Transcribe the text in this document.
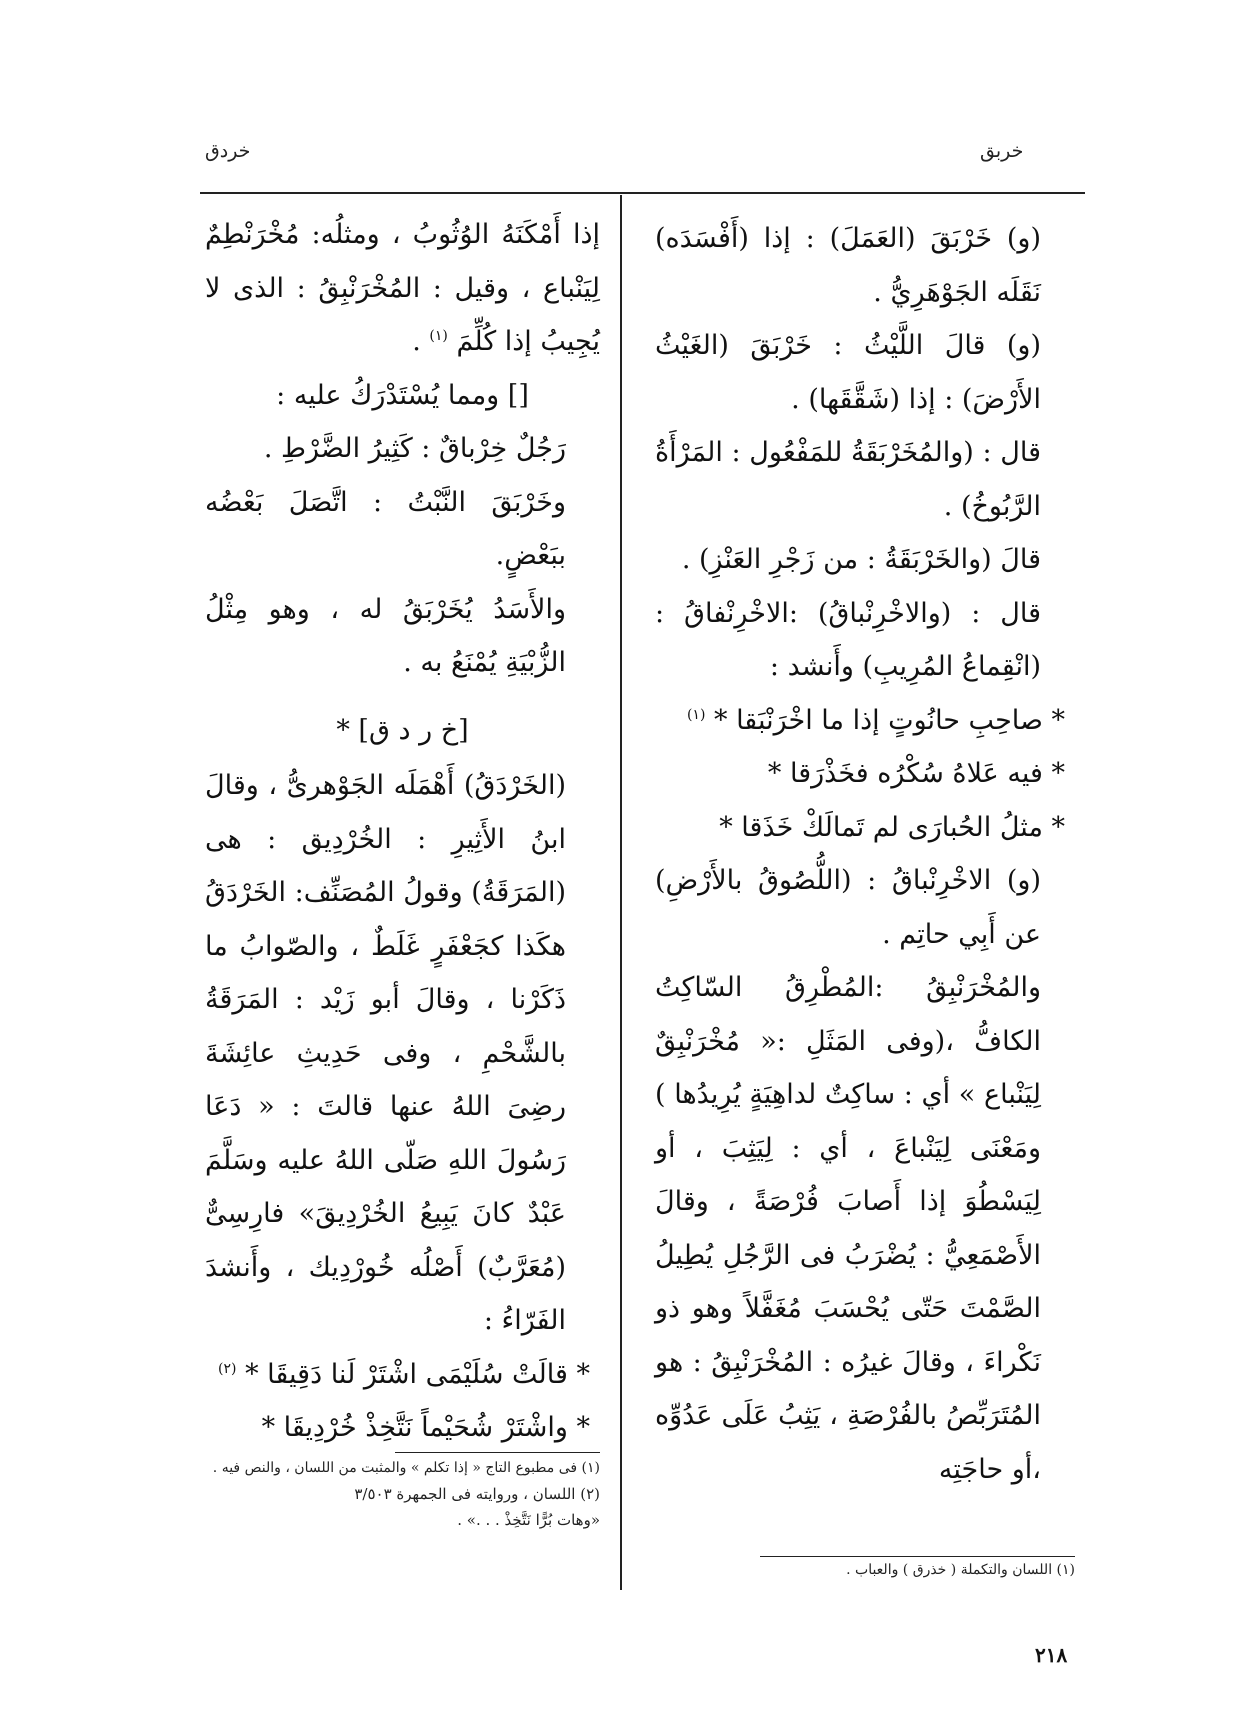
خربق
خردق

(و) خَرْبَقَ (العَمَلَ) : إذا (أَفْسَدَه) نَقَلَه الجَوْهَرِيُّ .

(و) قالَ اللَّيْثُ : خَرْبَقَ (الغَيْثُ الأَرْضَ) : إذا (شَقَّقَها) .

قال : (والمُخَرْبَقَةُ للمَفْعُول : المَرْأَةُ الرَّبُوخُ) .

قالَ (والخَرْبَقَةُ : من زَجْرِ العَنْزِ) .

قال : (والاخْرِنْباقُ) :الاخْرِنْفاقُ : (انْقِماعُ المُرِيبِ) وأَنشد :

* صاحِبِ حانُوتٍ إذا ما اخْرَنْبَقا * $^{(١)}$

* فيه عَلاهُ سُكْرُه فخَذْرَقا *

* مثلُ الحُبارَى لم تَمالَكْ خَذَقا *

(و) الاخْرِنْباقُ : (اللُّصُوقُ بالأَرْضِ) عن أَبِي حاتِم .

والمُخْرَنْبِقُ :المُطْرِقُ السّاكِتُ الكافُّ ،(وفى المَثَلِ :« مُخْرَنْبِقٌ لِيَنْباع » أي : ساكِتٌ لداهِيَةٍ يُرِيدُها ) ومَعْنَى لِيَنْباعَ ، أي : لِيَثِبَ ، أو لِيَسْطُوَ إذا أَصابَ فُرْصَةً ، وقالَ الأَصْمَعِيُّ : يُضْرَبُ فى الرَّجُلِ يُطِيلُ الصَّمْتَ حَتّى يُحْسَبَ مُغَفَّلاً وهو ذو نَكْراءَ ، وقالَ غيرُه : المُخْرَنْبِقُ : هو المُتَرَبِّصُ بالفُرْصَةِ ، يَثِبُ عَلَى عَدُوِّه ،أو حاجَتِه

إذا أَمْكَنَهُ الوُثُوبُ ، ومثلُه: مُخْرَنْطِمٌ لِيَنْباع ، وقيل : المُخْرَنْبِقُ : الذى لا يُجِيبُ إذا كُلِّمَ $^{(١)}$ .

[] ومما يُسْتَدْرَكُ عليه :

رَجُلٌ خِرْباقٌ : كَثِيرُ الضَّرْطِ .

وخَرْبَقَ النَّبْتُ : اتَّصَلَ بَعْضُه ببَعْضٍ.

والأَسَدُ يُخَرْبَقُ له ، وهو مِثْلُ الزُّبْيَةِ يُمْنَعُ به .

[خ ر د ق] *

(الخَرْدَقُ) أَهْمَلَه الجَوْهرىُّ ، وقالَ ابنُ الأَثِيرِ : الخُرْدِيق : هى (المَرَقَةُ) وقولُ المُصَنِّف: الخَرْدَقُ هكَذا كجَعْفَرٍ غَلَطٌ ، والصّوابُ ما ذَكَرْنا ، وقالَ أبو زَيْد : المَرَقَةُ بالشَّحْمِ ، وفى حَدِيثِ عائِشَةَ رضِىَ اللهُ عنها قالتَ : « دَعَا رَسُولَ اللهِ صَلّى اللهُ عليه وسَلَّمَ عَبْدٌ كانَ يَبِيعُ الخُرْدِيقَ» فارِسِىٌّ (مُعَرَّبٌ) أَصْلُه خُورْدِيك ، وأَنشدَ الفَرّاءُ :

* قالَتْ سُلَيْمَى اشْتَرْ لَنا دَقِيقَا * $^{(٢)}$

* واشْتَرْ شُحَيْماً نَتَّخِذْ خُرْدِيقَا *

(١) اللسان والتكملة ( خذرق ) والعباب .

(١) فى مطبوع التاج « إذا تكلم » والمثبت من اللسان ، والنص فيه .

(٢) اللسان ، وروايته فى الجمهرة ٣/٥٠٣

«وهات بُرًّا نَتَّخِذْ . . .» .

٢١٨
